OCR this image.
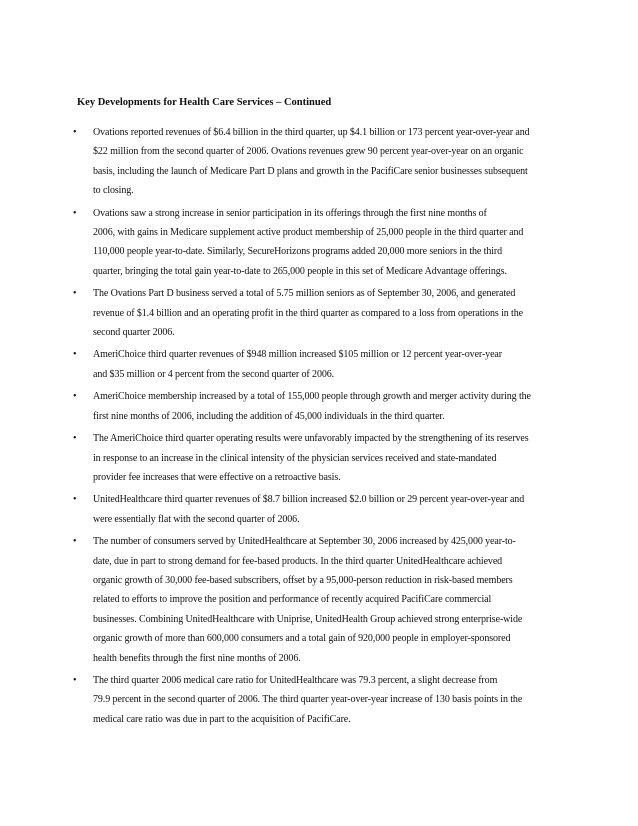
Key Developments for Health Care Services – Continued
• Ovations reported revenues of $6.4 billion in the third quarter, up $4.1 billion or 173 percent year-over-year and
$22 million from the second quarter of 2006. Ovations revenues grew 90 percent year-over-year on an organic
basis, including the launch of Medicare Part D plans and growth in the PacifiCare senior businesses subsequent
to closing.
• Ovations saw a strong increase in senior participation in its offerings through the first nine months of
2006, with gains in Medicare supplement active product membership of 25,000 people in the third quarter and
110,000 people year-to-date. Similarly, SecureHorizons programs added 20,000 more seniors in the third
quarter, bringing the total gain year-to-date to 265,000 people in this set of Medicare Advantage offerings.
• The Ovations Part D business served a total of 5.75 million seniors as of September 30, 2006, and generated
revenue of $1.4 billion and an operating profit in the third quarter as compared to a loss from operations in the
second quarter 2006.
• AmeriChoice third quarter revenues of $948 million increased $105 million or 12 percent year-over-year
and $35 million or 4 percent from the second quarter of 2006.
• AmeriChoice membership increased by a total of 155,000 people through growth and merger activity during the
first nine months of 2006, including the addition of 45,000 individuals in the third quarter.
• The AmeriChoice third quarter operating results were unfavorably impacted by the strengthening of its reserves
in response to an increase in the clinical intensity of the physician services received and state-mandated
provider fee increases that were effective on a retroactive basis.
• UnitedHealthcare third quarter revenues of $8.7 billion increased $2.0 billion or 29 percent year-over-year and
were essentially flat with the second quarter of 2006.
• The number of consumers served by UnitedHealthcare at September 30, 2006 increased by 425,000 year-to-
date, due in part to strong demand for fee-based products. In the third quarter UnitedHealthcare achieved
organic growth of 30,000 fee-based subscribers, offset by a 95,000-person reduction in risk-based members
related to efforts to improve the position and performance of recently acquired PacifiCare commercial
businesses. Combining UnitedHealthcare with Uniprise, UnitedHealth Group achieved strong enterprise-wide
organic growth of more than 600,000 consumers and a total gain of 920,000 people in employer-sponsored
health benefits through the first nine months of 2006.
• The third quarter 2006 medical care ratio for UnitedHealthcare was 79.3 percent, a slight decrease from
79.9 percent in the second quarter of 2006. The third quarter year-over-year increase of 130 basis points in the
medical care ratio was due in part to the acquisition of PacifiCare.
